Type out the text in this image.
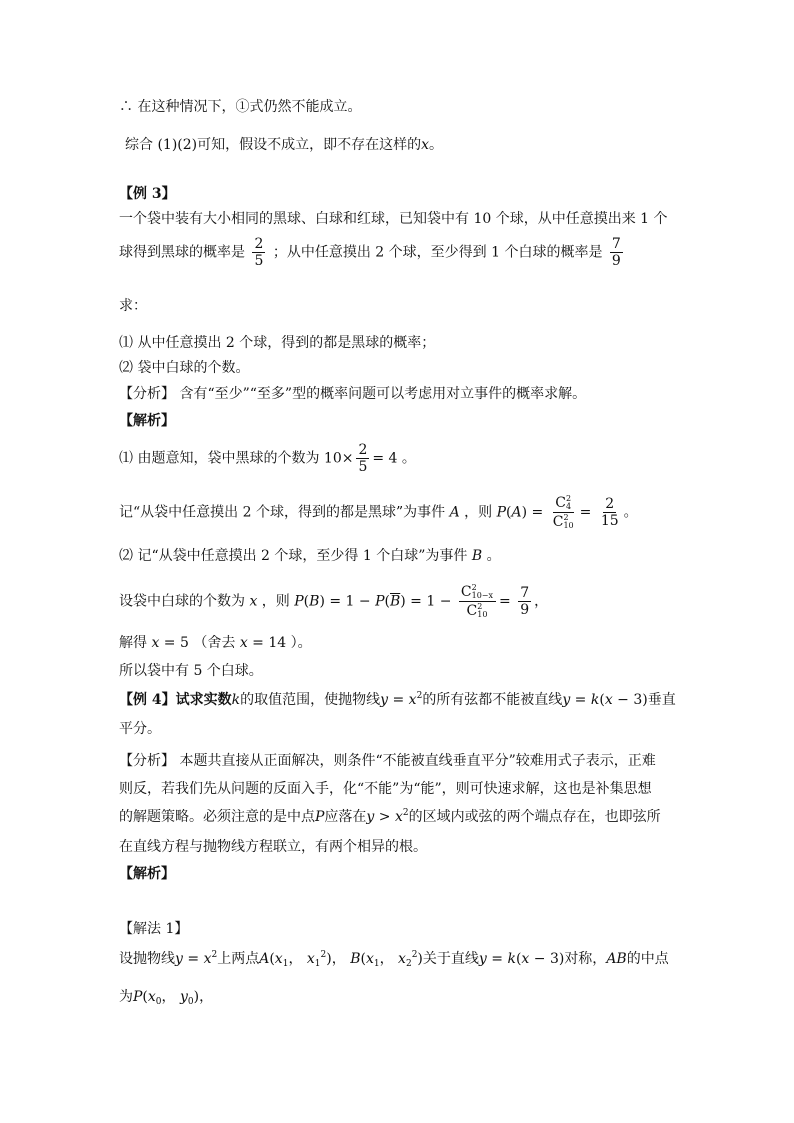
∴ 在这种情况下，①式仍然不能成立。
综合 (1)(2)可知，假设不成立，即不存在这样的x。
【例 3】
一个袋中装有大小相同的黑球、白球和红球，已知袋中有 10 个球，从中任意摸出来 1 个
球得到黑球的概率是 $\frac{2}{5}$ ；从中任意摸出 2 个球，至少得到 1 个白球的概率是 $\frac{7}{9}$
求：
⑴ 从中任意摸出 2 个球，得到的都是黑球的概率；
⑵ 袋中白球的个数。
【分析】 含有“至少”“至多”型的概率问题可以考虑用对立事件的概率求解。
【解析】
⑴ 由题意知，袋中黑球的个数为 $10\times \frac{2}{5} = 4$ 。
记“从袋中任意摸出 2 个球，得到的都是黑球”为事件 A ，则 P(A) = C 2
4
C 2
$10 = \frac{2}{15}$ 。
⑵ 记“从袋中任意摸出 2 个球，至少得 1 个白球”为事件 B 。
设袋中白球的个数为 x ，则 $P(B) = 1 - P(\overline{B}) = 1 - C$ 2
10−x
C 2
$10 = \frac{7}{9}$ ，
解得 x = 5 （舍去 x = 14 ）。
所以袋中有 5 个白球。
【例 4】试求实数k的取值范围，使抛物线$y = x^2$的所有弦都不能被直线y = k(x − 3)垂直
平分。
【分析】 本题共直接从正面解决，则条件“不能被直线垂直平分”较难用式子表示，正难
则反，若我们先从问题的反面入手，化“不能”为“能”，则可快速求解，这也是补集思想
的解题策略。必须注意的是中点P应落在$y > x^2$的区域内或弦的两个端点存在，也即弦所
在直线方程与抛物线方程联立，有两个相异的根。
【解析】
【解法 1】
设抛物线$y = x^2$上两点$A(x_1$， $x_1^2$)， $B(x_1$， $x_2^2$)关于直线y = k(x − 3)对称，AB的中点
为$P(x_0$， $y_0$)，
